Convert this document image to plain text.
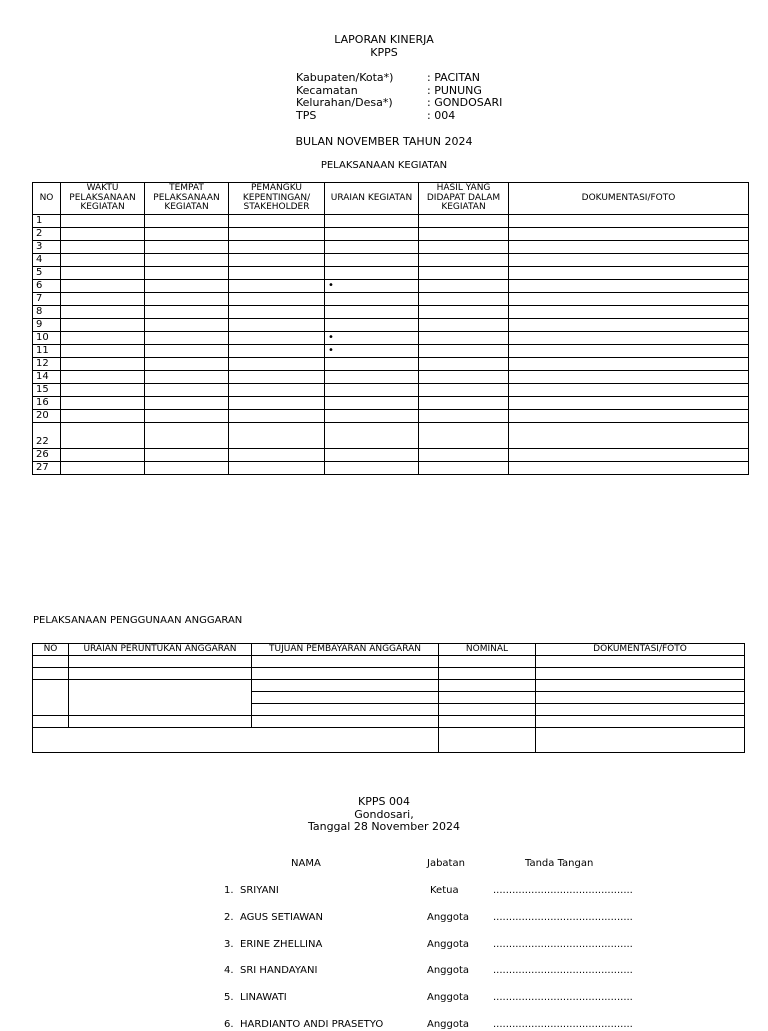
LAPORAN KINERJA
KPPS
Kabupaten/Kota*)	: PACITAN
Kecamatan	: PUNUNG
Kelurahan/Desa*)	: GONDOSARI
TPS	: 004
BULAN NOVEMBER TAHUN 2024
PELAKSANAAN KEGIATAN
NO	WAKTU PELAKSANAAN KEGIATAN	TEMPAT PELAKSANAAN KEGIATAN	PEMANGKU KEPENTINGAN/ STAKEHOLDER	URAIAN KEGIATAN	HASIL YANG DIDAPAT DALAM KEGIATAN	DOKUMENTASI/FOTO
1						
2						
3						
4						
5						
6				•		
7						
8						
9						
10				•		
11				•		
12						
14						
15						
16						
20						
22						
26						
27						
PELAKSANAAN PENGGUNAAN ANGGARAN
NO	URAIAN PERUNTUKAN ANGGARAN	TUJUAN PEMBAYARAN ANGGARAN	NOMINAL	DOKUMENTASI/FOTO

KPPS 004
Gondosari,
Tanggal 28 November 2024
NAMA	Jabatan	Tanda Tangan
1. SRIYANI	Ketua	............................................
2. AGUS SETIAWAN	Anggota ............................................
3. ERINE ZHELLINA	Anggota ............................................
4. SRI HANDAYANI	Anggota ............................................
5. LINAWATI	Anggota ............................................
6. HARDIANTO ANDI PRASETYO	Anggota ............................................
